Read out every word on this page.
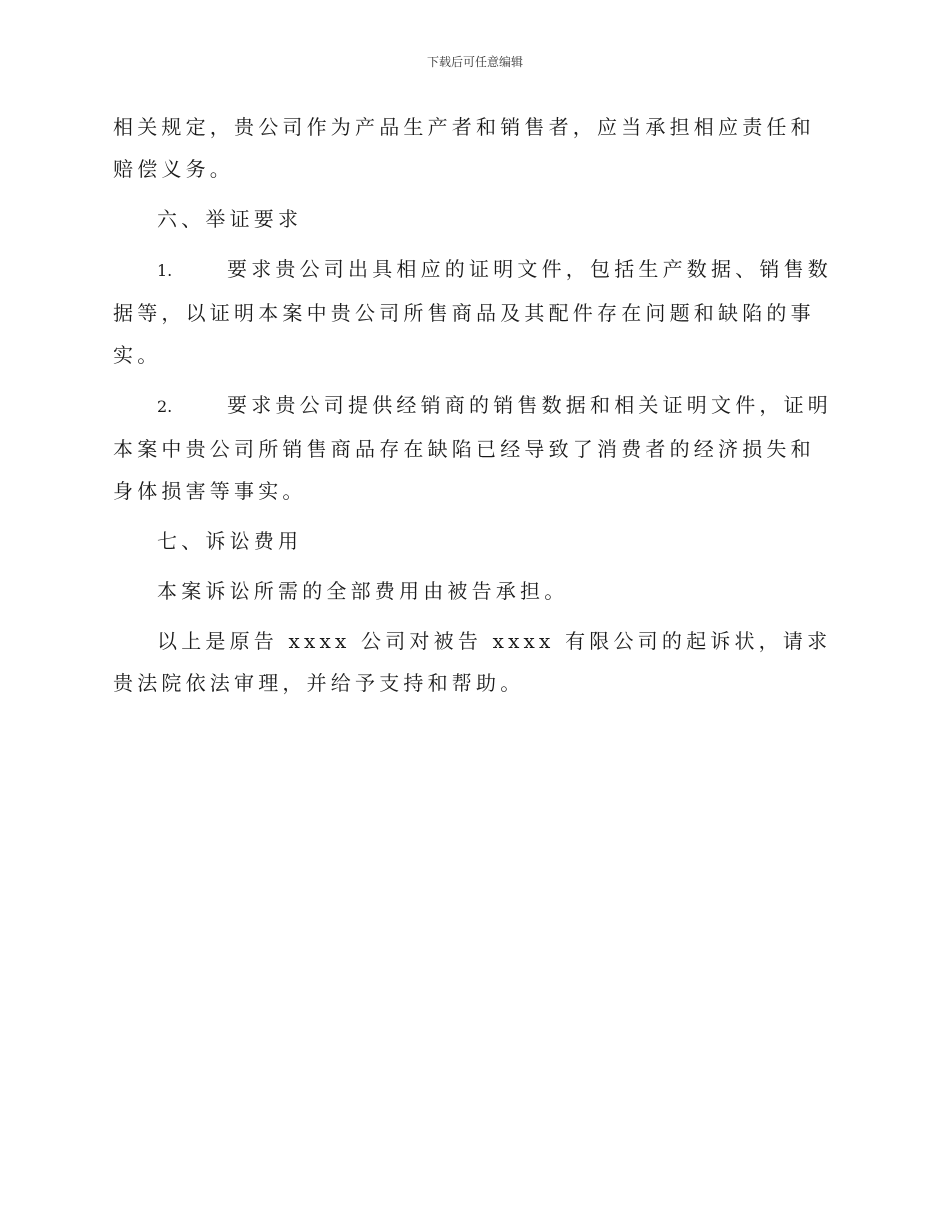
下载后可任意编辑

相关规定，贵公司作为产品生产者和销售者，应当承担相应责任和赔偿义务。

六、举证要求

1.	要求贵公司出具相应的证明文件，包括生产数据、销售数据等，以证明本案中贵公司所售商品及其配件存在问题和缺陷的事实。

2.	要求贵公司提供经销商的销售数据和相关证明文件，证明本案中贵公司所销售商品存在缺陷已经导致了消费者的经济损失和身体损害等事实。

七、诉讼费用

本案诉讼所需的全部费用由被告承担。

以上是原告 xxxx 公司对被告 xxxx 有限公司的起诉状，请求贵法院依法审理，并给予支持和帮助。
